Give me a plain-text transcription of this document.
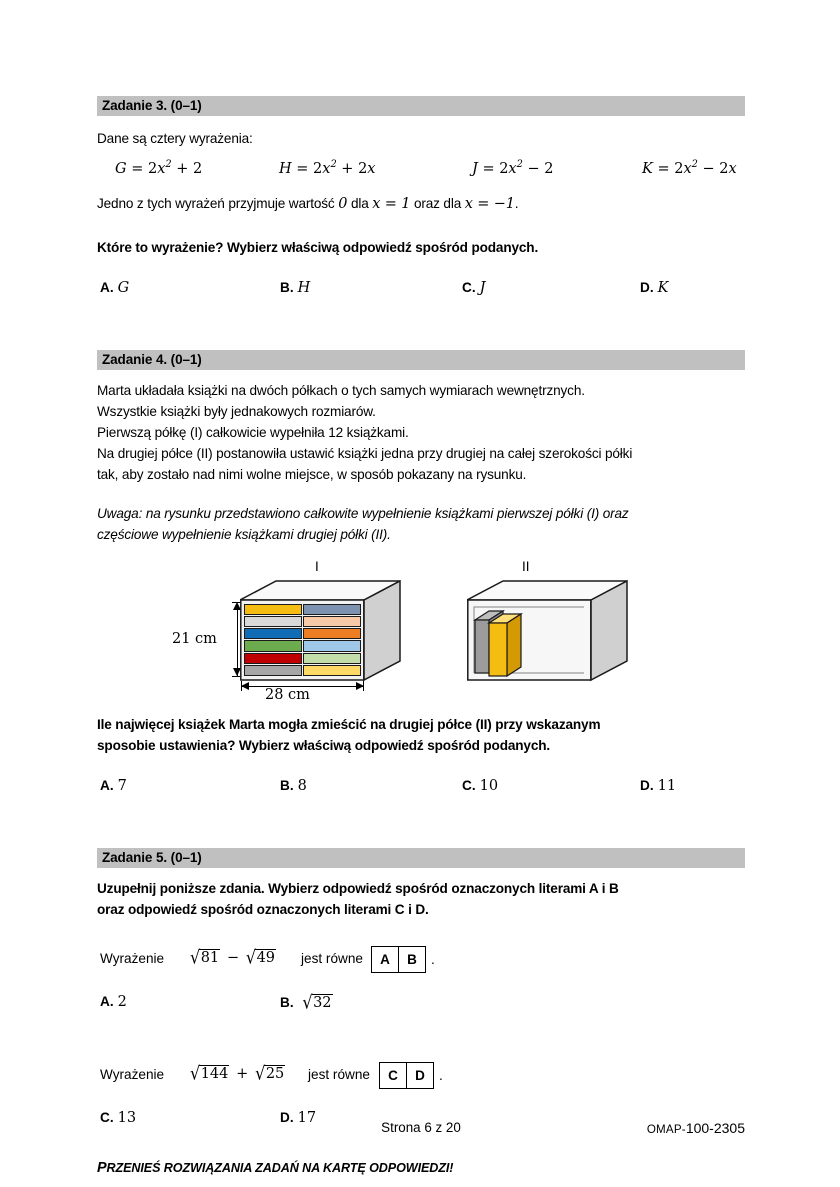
Zadanie 3. (0–1)
Dane są cztery wyrażenia:
$G = 2x^2 + 2$	$H = 2x^2 + 2x$	$J = 2x^2 - 2$	$K = 2x^2 - 2x$
Jedno z tych wyrażeń przyjmuje wartość 0 dla x = 1 oraz dla x = −1.
Które to wyrażenie? Wybierz właściwą odpowiedź spośród podanych.
A. G	B. H	C. J	D. K
Zadanie 4. (0–1)
Marta układała książki na dwóch półkach o tych samych wymiarach wewnętrznych.
Wszystkie książki były jednakowych rozmiarów.
Pierwszą półkę (I) całkowicie wypełniła 12 książkami.
Na drugiej półce (II) postanowiła ustawić książki jedna przy drugiej na całej szerokości półki
tak, aby zostało nad nimi wolne miejsce, w sposób pokazany na rysunku.
Uwaga: na rysunku przedstawiono całkowite wypełnienie książkami pierwszej półki (I) oraz
częściowe wypełnienie książkami drugiej półki (II).
I	II
21 cm
28 cm
Ile najwięcej książek Marta mogła zmieścić na drugiej półce (II) przy wskazanym
sposobie ustawienia? Wybierz właściwą odpowiedź spośród podanych.
A. 7	B. 8	C. 10	D. 11
Zadanie 5. (0–1)
Uzupełnij poniższe zdania. Wybierz odpowiedź spośród oznaczonych literami A i B
oraz odpowiedź spośród oznaczonych literami C i D.
Wyrażenie √81 − √49 jest równe	A	B	.
A. 2	B. √32
Wyrażenie √144 + √25 jest równe	C	D	.
C. 13	D. 17
PRZENIEŚ ROZWIĄZANIA ZADAŃ NA KARTĘ ODPOWIEDZI!
Strona 6 z 20	OMAP-100-2305
